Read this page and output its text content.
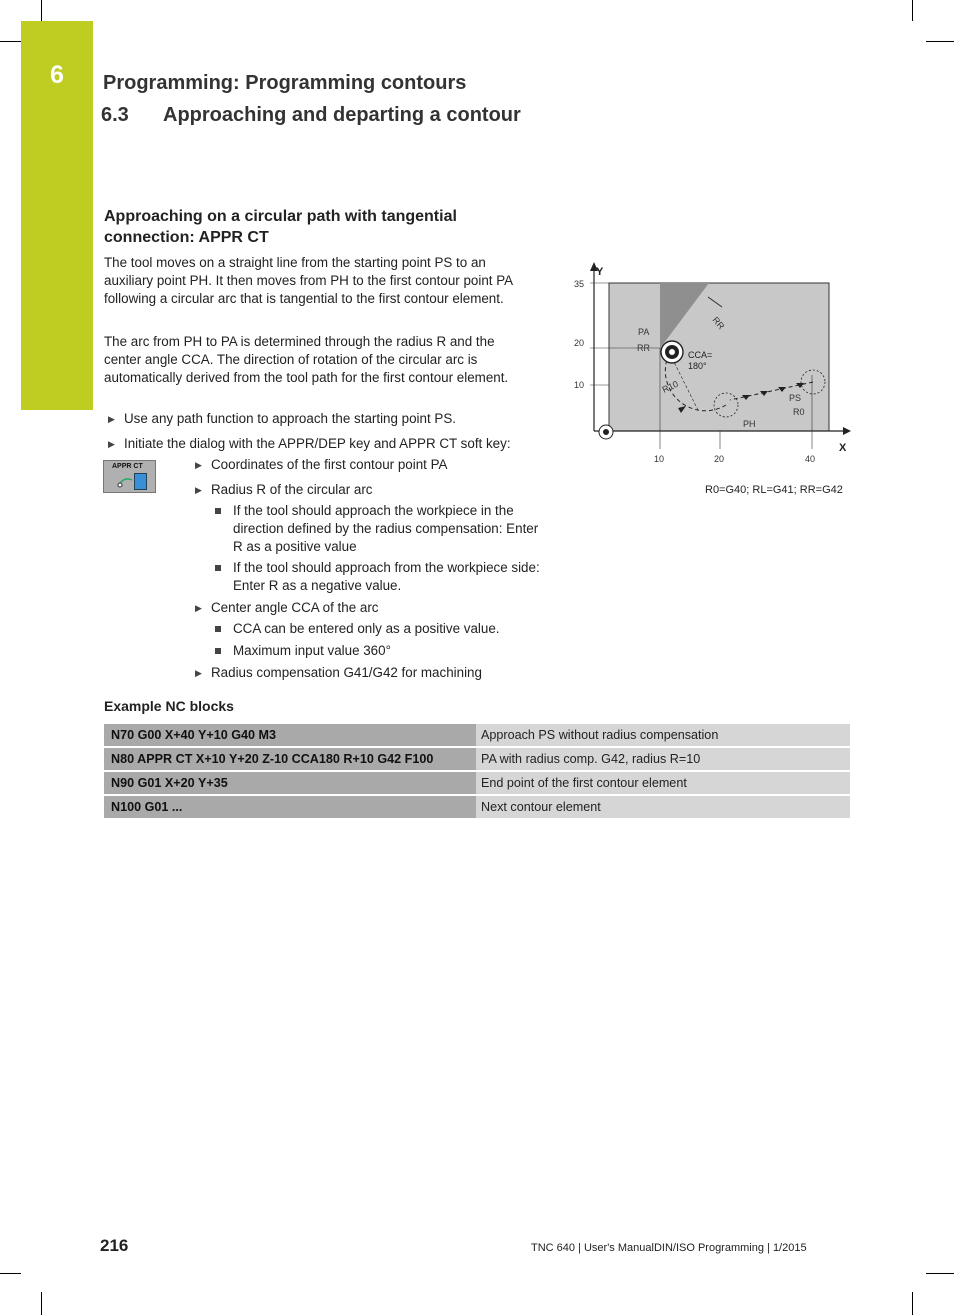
6	Programming: Programming contours
6.3 Approaching and departing a contour
Approaching on a circular path with tangential connection: APPR CT
The tool moves on a straight line from the starting point PS to an auxiliary point PH. It then moves from PH to the first contour point PA following a circular arc that is tangential to the first contour element.
The arc from PH to PA is determined through the radius R and the center angle CCA. The direction of rotation of the circular arc is automatically derived from the tool path for the first contour element.
▶ Use any path function to approach the starting point PS.
▶ Initiate the dialog with the APPR/DEP key and APPR CT soft key:
APPR CT	▶ Coordinates of the first contour point PA
▶ Radius R of the circular arc
If the tool should approach the workpiece in the direction defined by the radius compensation: Enter R as a positive value
If the tool should approach from the workpiece side: Enter R as a negative value.
▶ Center angle CCA of the arc
CCA can be entered only as a positive value.
Maximum input value 360°
▶ Radius compensation G41/G42 for machining
Y
X
35
20
10
10	20	40
RR
PA
RR
CCA=
180°
R10
PS
R0
PH
R0=G40; RL=G41; RR=G42
Example NC blocks
N70 G00 X+40 Y+10 G40 M3	Approach PS without radius compensation
N80 APPR CT X+10 Y+20 Z-10 CCA180 R+10 G42 F100	PA with radius comp. G42, radius R=10
N90 G01 X+20 Y+35	End point of the first contour element
N100 G01 ...	Next contour element
216	TNC 640 | User's ManualDIN/ISO Programming | 1/2015
